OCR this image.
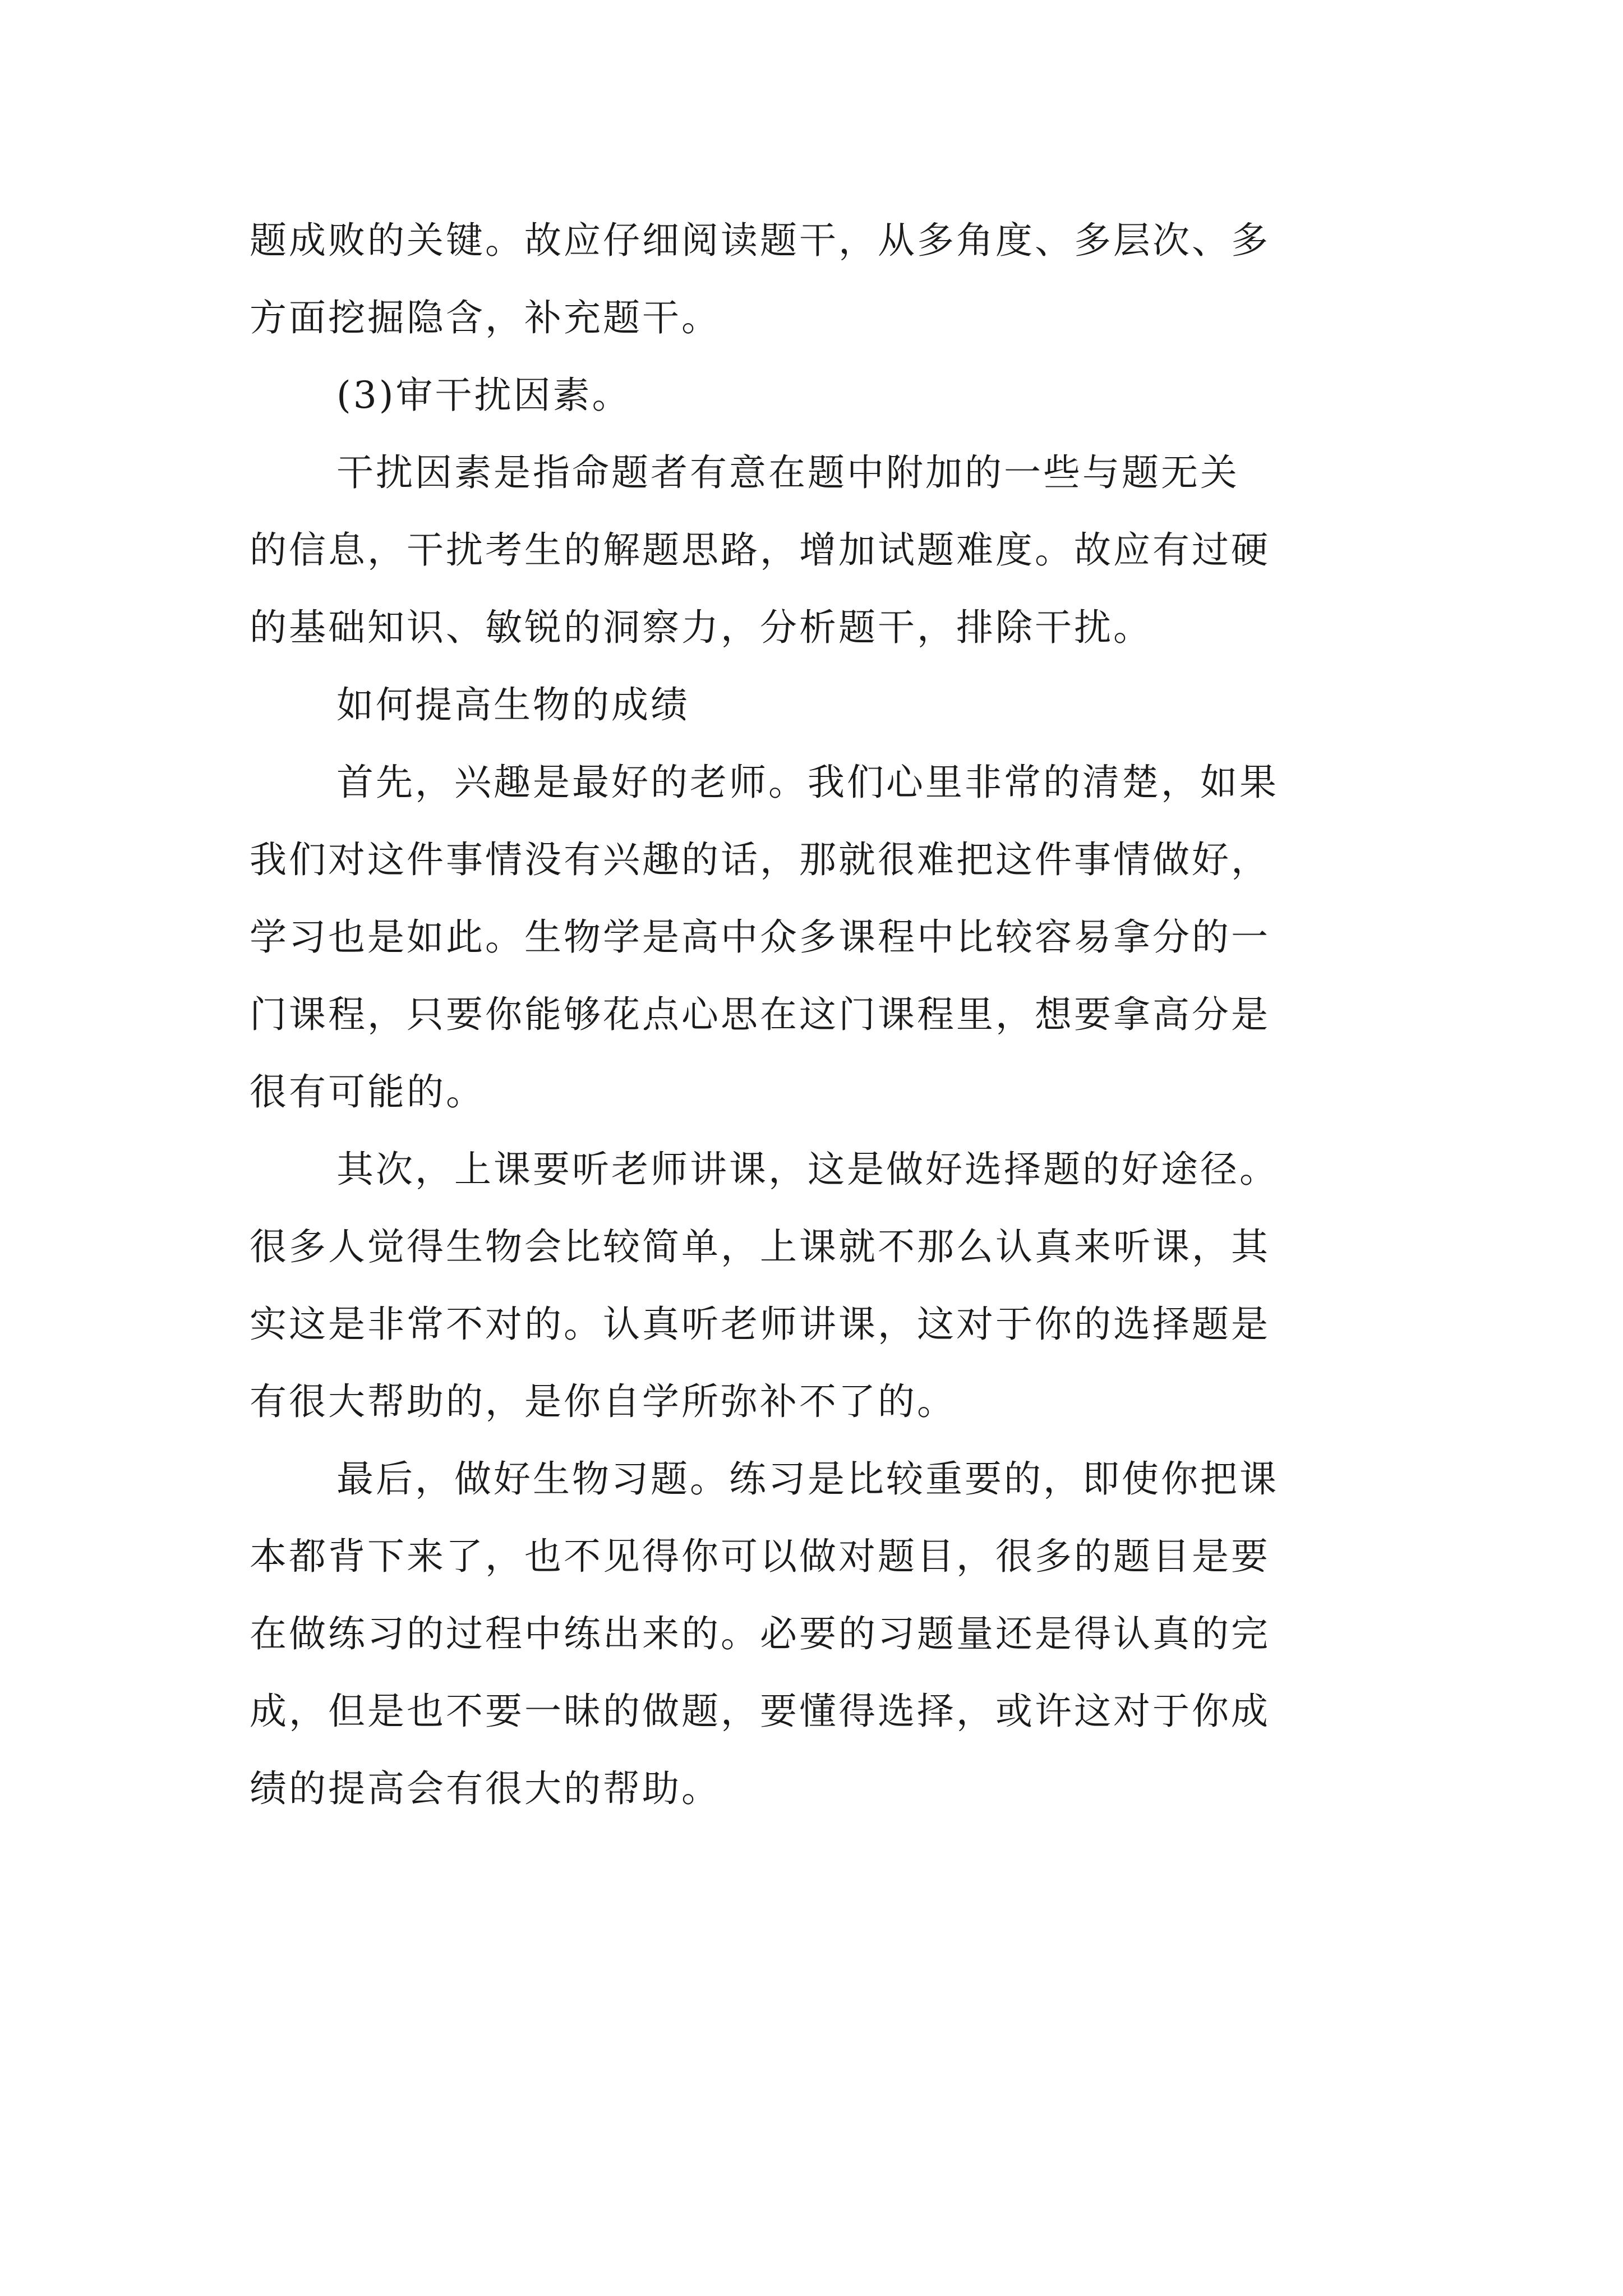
题成败的关键。故应仔细阅读题干，从多角度、多层次、多
方面挖掘隐含，补充题干。
(3)审干扰因素。
干扰因素是指命题者有意在题中附加的一些与题无关
的信息，干扰考生的解题思路，增加试题难度。故应有过硬
的基础知识、敏锐的洞察力，分析题干，排除干扰。
如何提高生物的成绩
首先，兴趣是最好的老师。我们心里非常的清楚，如果
我们对这件事情没有兴趣的话，那就很难把这件事情做好，
学习也是如此。生物学是高中众多课程中比较容易拿分的一
门课程，只要你能够花点心思在这门课程里，想要拿高分是
很有可能的。
其次，上课要听老师讲课，这是做好选择题的好途径。
很多人觉得生物会比较简单，上课就不那么认真来听课，其
实这是非常不对的。认真听老师讲课，这对于你的选择题是
有很大帮助的，是你自学所弥补不了的。
最后，做好生物习题。练习是比较重要的，即使你把课
本都背下来了，也不见得你可以做对题目，很多的题目是要
在做练习的过程中练出来的。必要的习题量还是得认真的完
成，但是也不要一昧的做题，要懂得选择，或许这对于你成
绩的提高会有很大的帮助。
